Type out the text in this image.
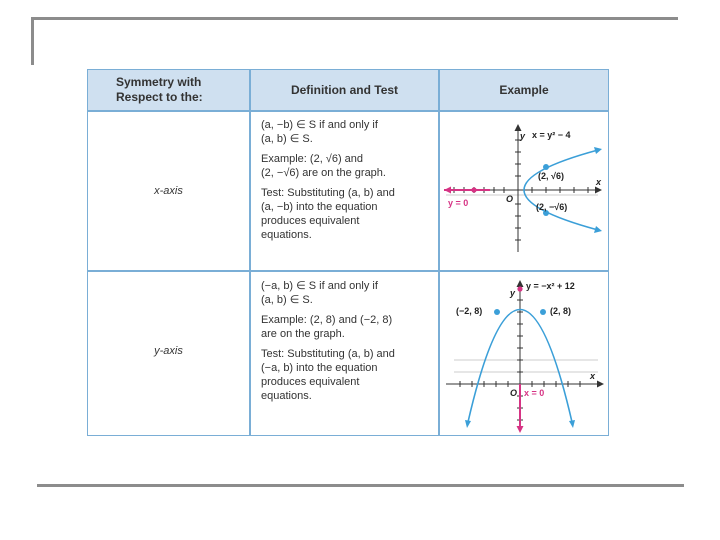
Symmetry with
Respect to the:
Definition and Test	Example
x-axis

(a, −b) ∈ S if and only if
(a, b) ∈ S.

Example: (2, √6) and
(2, −√6) are on the graph.

Test: Substituting (a, b) and
(a, −b) into the equation
produces equivalent
equations.

y
x
O
x = y² − 4
(2, √6)
(2, −√6)
y = 0
y-axis

(−a, b) ∈ S if and only if
(a, b) ∈ S.

Example: (2, 8) and (−2, 8)
are on the graph.

Test: Substituting (a, b) and
(−a, b) into the equation
produces equivalent
equations.

y
x
O
y = −x² + 12
(−2, 8)	(2, 8)
x = 0
